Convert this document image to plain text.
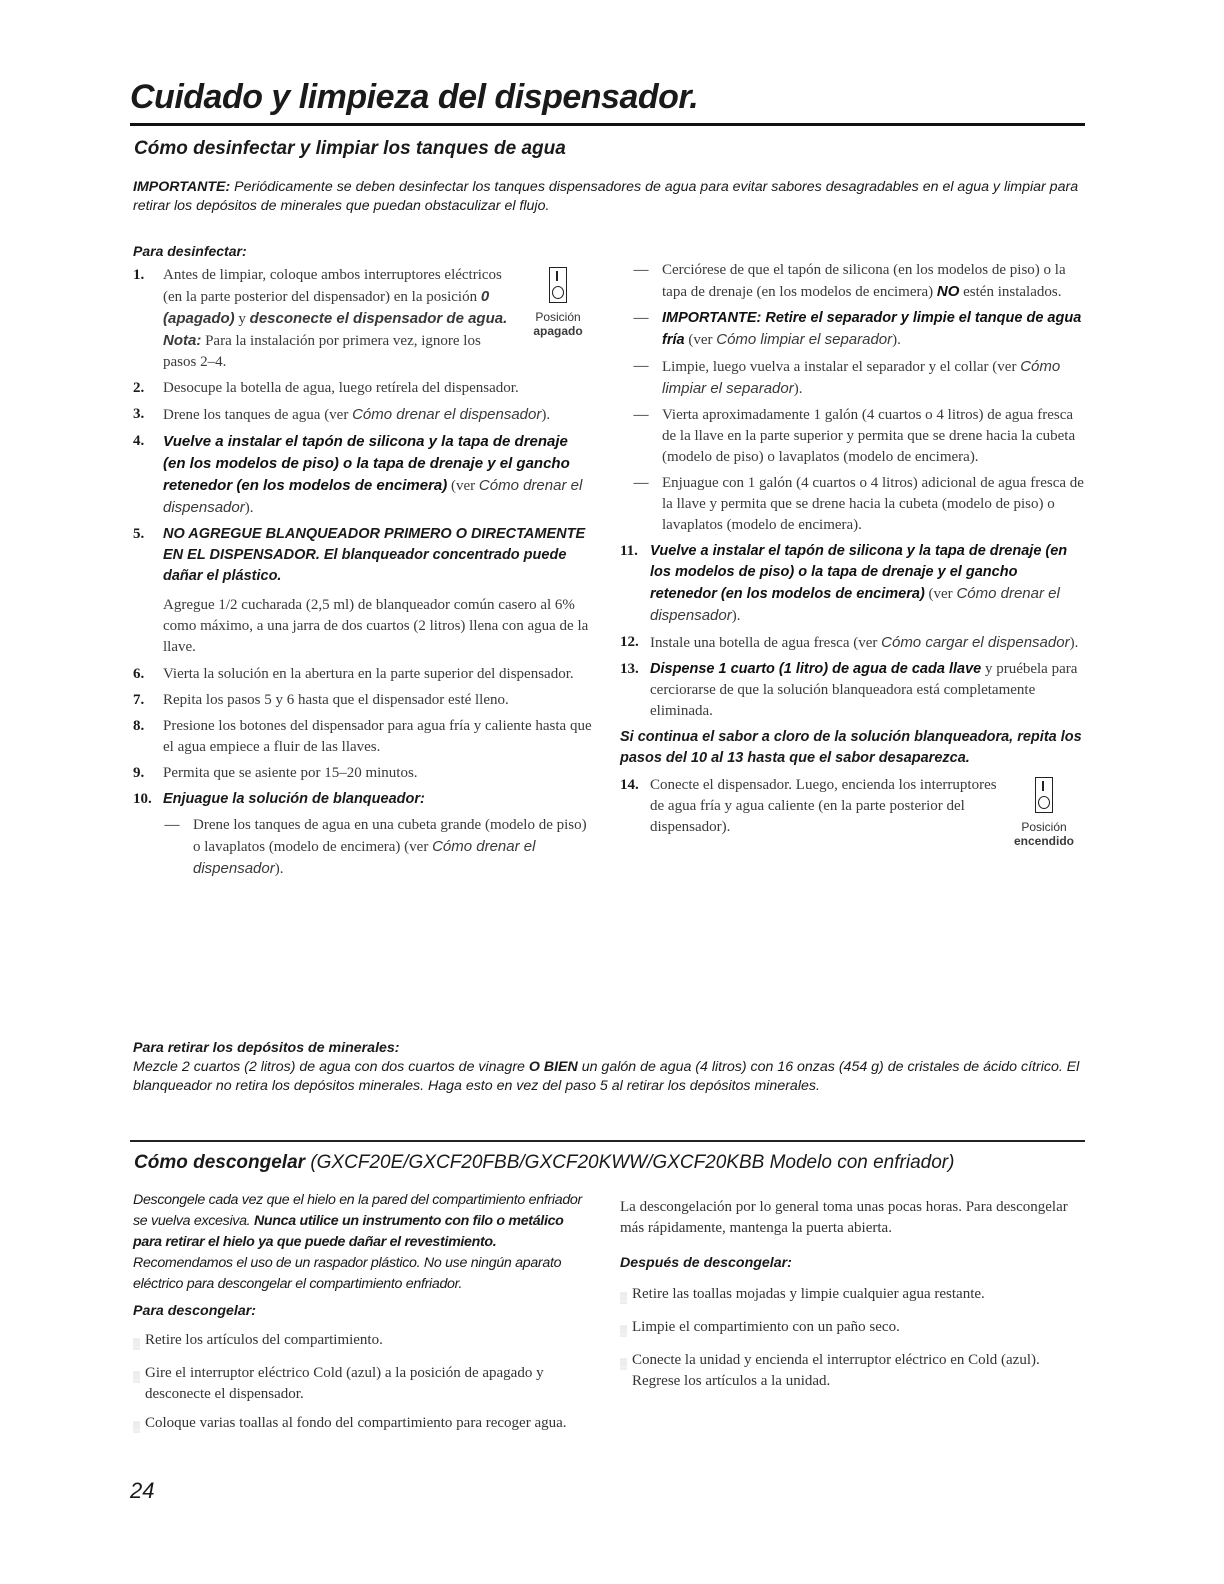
Cuidado y limpieza del dispensador.
Cómo desinfectar y limpiar los tanques de agua
IMPORTANTE: Periódicamente se deben desinfectar los tanques dispensadores de agua para evitar sabores desagradables en el agua y limpiar para retirar los depósitos de minerales que puedan obstaculizar el flujo.
Para desinfectar:
1.
Posición
apagado
Antes de limpiar, coloque ambos interruptores eléctricos (en la parte posterior del dispensador) en la posición 0 (apagado) y desconecte el dispensador de agua.
Nota: Para la instalación por primera vez, ignore los pasos 2–4.
2.	Desocupe la botella de agua, luego retírela del dispensador.
3.	Drene los tanques de agua (ver Cómo drenar el dispensador).
4.	Vuelve a instalar el tapón de silicona y la tapa de drenaje (en los modelos de piso) o la tapa de drenaje y el gancho retenedor (en los modelos de encimera) (ver Cómo drenar el dispensador).
5.	NO AGREGUE BLANQUEADOR PRIMERO O DIRECTAMENTE EN EL DISPENSADOR. El blanqueador concentrado puede dañar el plástico.
Agregue 1/2 cucharada (2,5 ml) de blanqueador común casero al 6% como máximo, a una jarra de dos cuartos (2 litros) llena con agua de la llave.
6.	Vierta la solución en la abertura en la parte superior del dispensador.
7.	Repita los pasos 5 y 6 hasta que el dispensador esté lleno.
8.	Presione los botones del dispensador para agua fría y caliente hasta que el agua empiece a fluir de las llaves.
9.	Permita que se asiente por 15–20 minutos.
10. Enjuague la solución de blanqueador:
— Drene los tanques de agua en una cubeta grande (modelo de piso) o lavaplatos (modelo de encimera) (ver Cómo drenar el dispensador).
— Cerciórese de que el tapón de silicona (en los modelos de piso) o la tapa de drenaje (en los modelos de encimera) NO estén instalados.
— IMPORTANTE: Retire el separador y limpie el tanque de agua fría (ver Cómo limpiar el separador).
— Limpie, luego vuelva a instalar el separador y el collar (ver Cómo limpiar el separador).
— Vierta aproximadamente 1 galón (4 cuartos o 4 litros) de agua fresca de la llave en la parte superior y permita que se drene hacia la cubeta (modelo de piso) o lavaplatos (modelo de encimera).
— Enjuague con 1 galón (4 cuartos o 4 litros) adicional de agua fresca de la llave y permita que se drene hacia la cubeta (modelo de piso) o lavaplatos (modelo de encimera).
11. Vuelve a instalar el tapón de silicona y la tapa de drenaje (en los modelos de piso) o la tapa de drenaje y el gancho retenedor (en los modelos de encimera) (ver Cómo drenar el dispensador).
12. Instale una botella de agua fresca (ver Cómo cargar el dispensador).
13. Dispense 1 cuarto (1 litro) de agua de cada llave y pruébela para cerciorarse de que la solución blanqueadora está completamente eliminada.
Si continua el sabor a cloro de la solución blanqueadora, repita los pasos del 10 al 13 hasta que el sabor desaparezca.
14.
Posición
encendido
Conecte el dispensador. Luego, encienda los interruptores de agua fría y agua caliente (en la parte posterior del dispensador).
Para retirar los depósitos de minerales:
Mezcle 2 cuartos (2 litros) de agua con dos cuartos de vinagre O BIEN un galón de agua (4 litros) con 16 onzas (454 g) de cristales de ácido cítrico. El blanqueador no retira los depósitos minerales. Haga esto en vez del paso 5 al retirar los depósitos minerales.
Cómo descongelar (GXCF20E/GXCF20FBB/GXCF20KWW/GXCF20KBB Modelo con enfriador)
Descongele cada vez que el hielo en la pared del compartimiento enfriador se vuelva excesiva. Nunca utilice un instrumento con filo o metálico para retirar el hielo ya que puede dañar el revestimiento. Recomendamos el uso de un raspador plástico. No use ningún aparato eléctrico para descongelar el compartimiento enfriador.
Para descongelar:
▒ Retire los artículos del compartimiento.
▒ Gire el interruptor eléctrico Cold (azul) a la posición de apagado y desconecte el dispensador.
▒ Coloque varias toallas al fondo del compartimiento para recoger agua.
La descongelación por lo general toma unas pocas horas. Para descongelar más rápidamente, mantenga la puerta abierta.
Después de descongelar:
▒ Retire las toallas mojadas y limpie cualquier agua restante.
▒ Limpie el compartimiento con un paño seco.
▒ Conecte la unidad y encienda el interruptor eléctrico en Cold (azul). Regrese los artículos a la unidad.
24
